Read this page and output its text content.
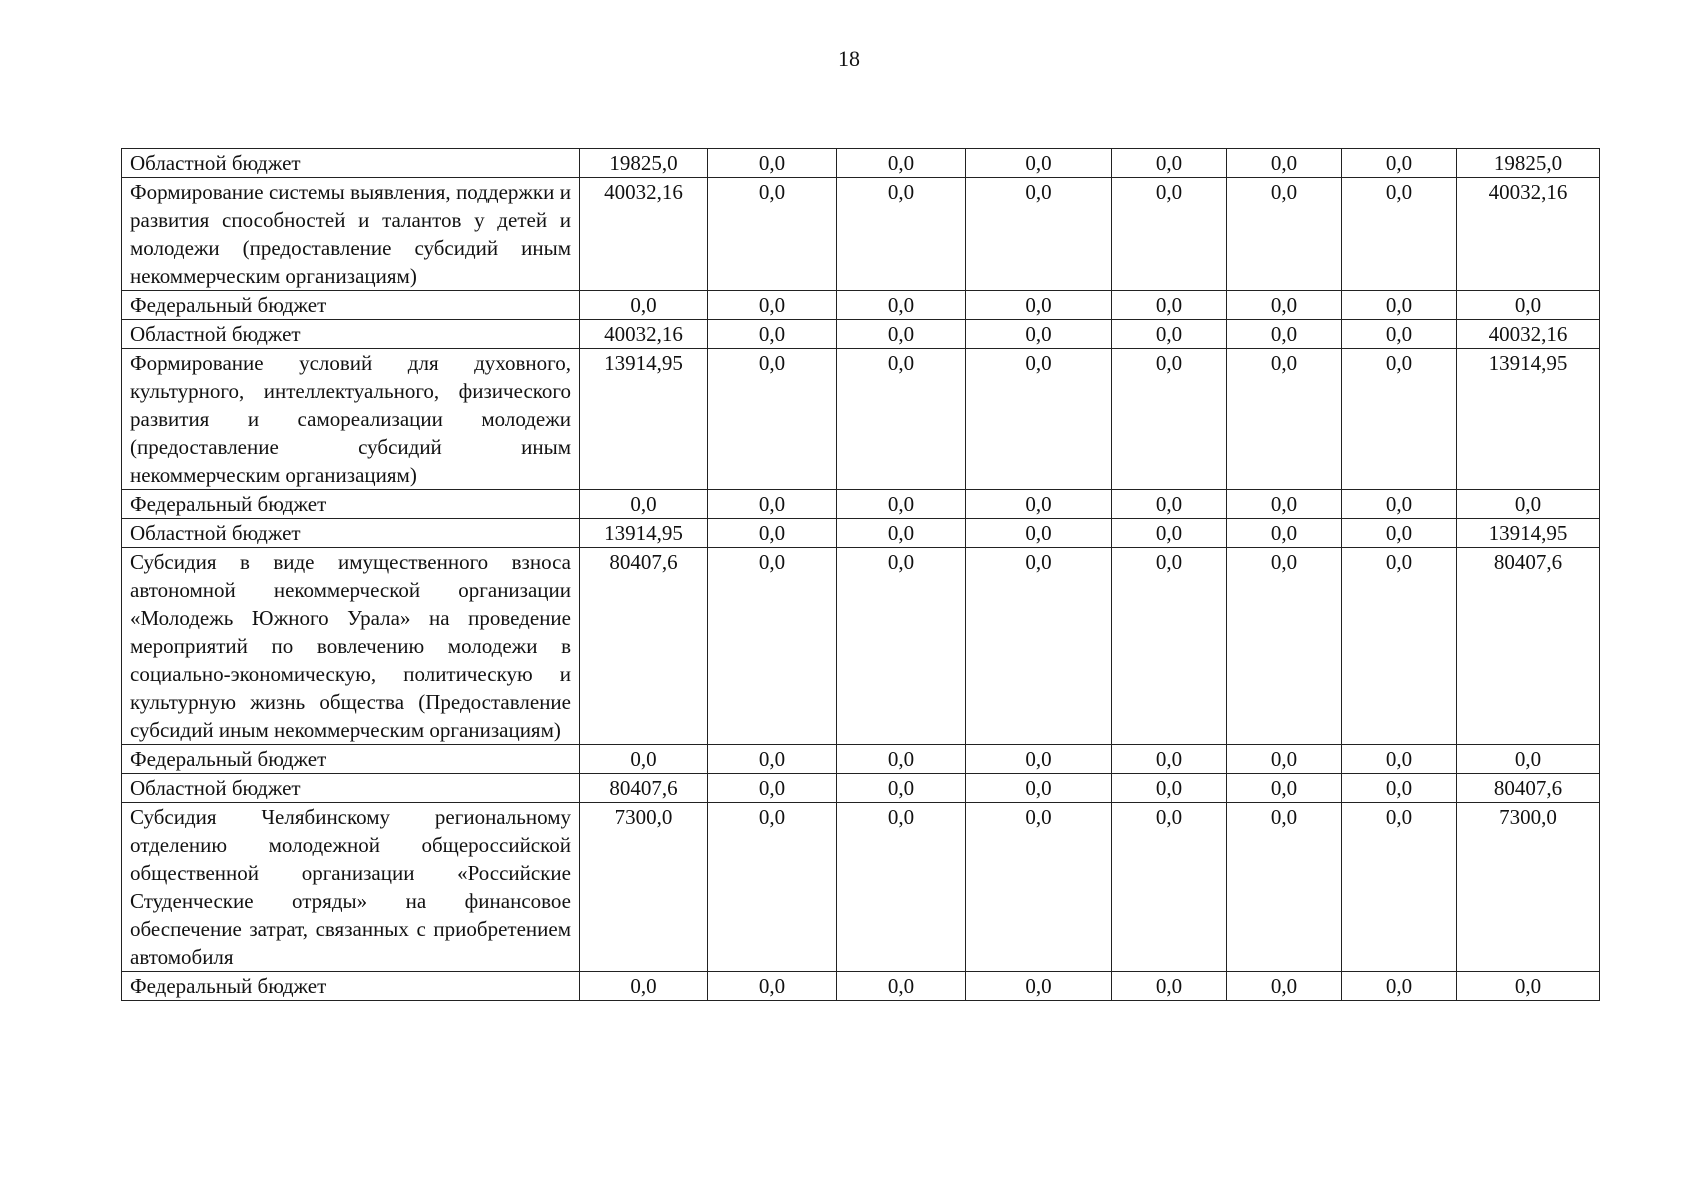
18
Областной бюджет	19825,0	0,0	0,0	0,0	0,0	0,0	0,0	19825,0
Формирование системы выявления, поддержки и развития способностей и талантов у детей и молодежи (предоставление субсидий иным некоммерческим организациям)	40032,16	0,0	0,0	0,0	0,0	0,0	0,0	40032,16
Федеральный бюджет	0,0	0,0	0,0	0,0	0,0	0,0	0,0	0,0
Областной бюджет	40032,16	0,0	0,0	0,0	0,0	0,0	0,0	40032,16
Формирование условий для духовного, культурного, интеллектуального, физического развития и самореализации молодежи (предоставление субсидий иным некоммерческим организациям)	13914,95	0,0	0,0	0,0	0,0	0,0	0,0	13914,95
Федеральный бюджет	0,0	0,0	0,0	0,0	0,0	0,0	0,0	0,0
Областной бюджет	13914,95	0,0	0,0	0,0	0,0	0,0	0,0	13914,95
Субсидия в виде имущественного взноса автономной некоммерческой организации «Молодежь Южного Урала» на проведение мероприятий по вовлечению молодежи в социально-экономическую, политическую и культурную жизнь общества (Предоставление субсидий иным некоммерческим организациям)	80407,6	0,0	0,0	0,0	0,0	0,0	0,0	80407,6
Федеральный бюджет	0,0	0,0	0,0	0,0	0,0	0,0	0,0	0,0
Областной бюджет	80407,6	0,0	0,0	0,0	0,0	0,0	0,0	80407,6
Субсидия Челябинскому региональному отделению молодежной общероссийской общественной организации «Российские Студенческие отряды» на финансовое обеспечение затрат, связанных с приобретением автомобиля	7300,0	0,0	0,0	0,0	0,0	0,0	0,0	7300,0
Федеральный бюджет	0,0	0,0	0,0	0,0	0,0	0,0	0,0	0,0
